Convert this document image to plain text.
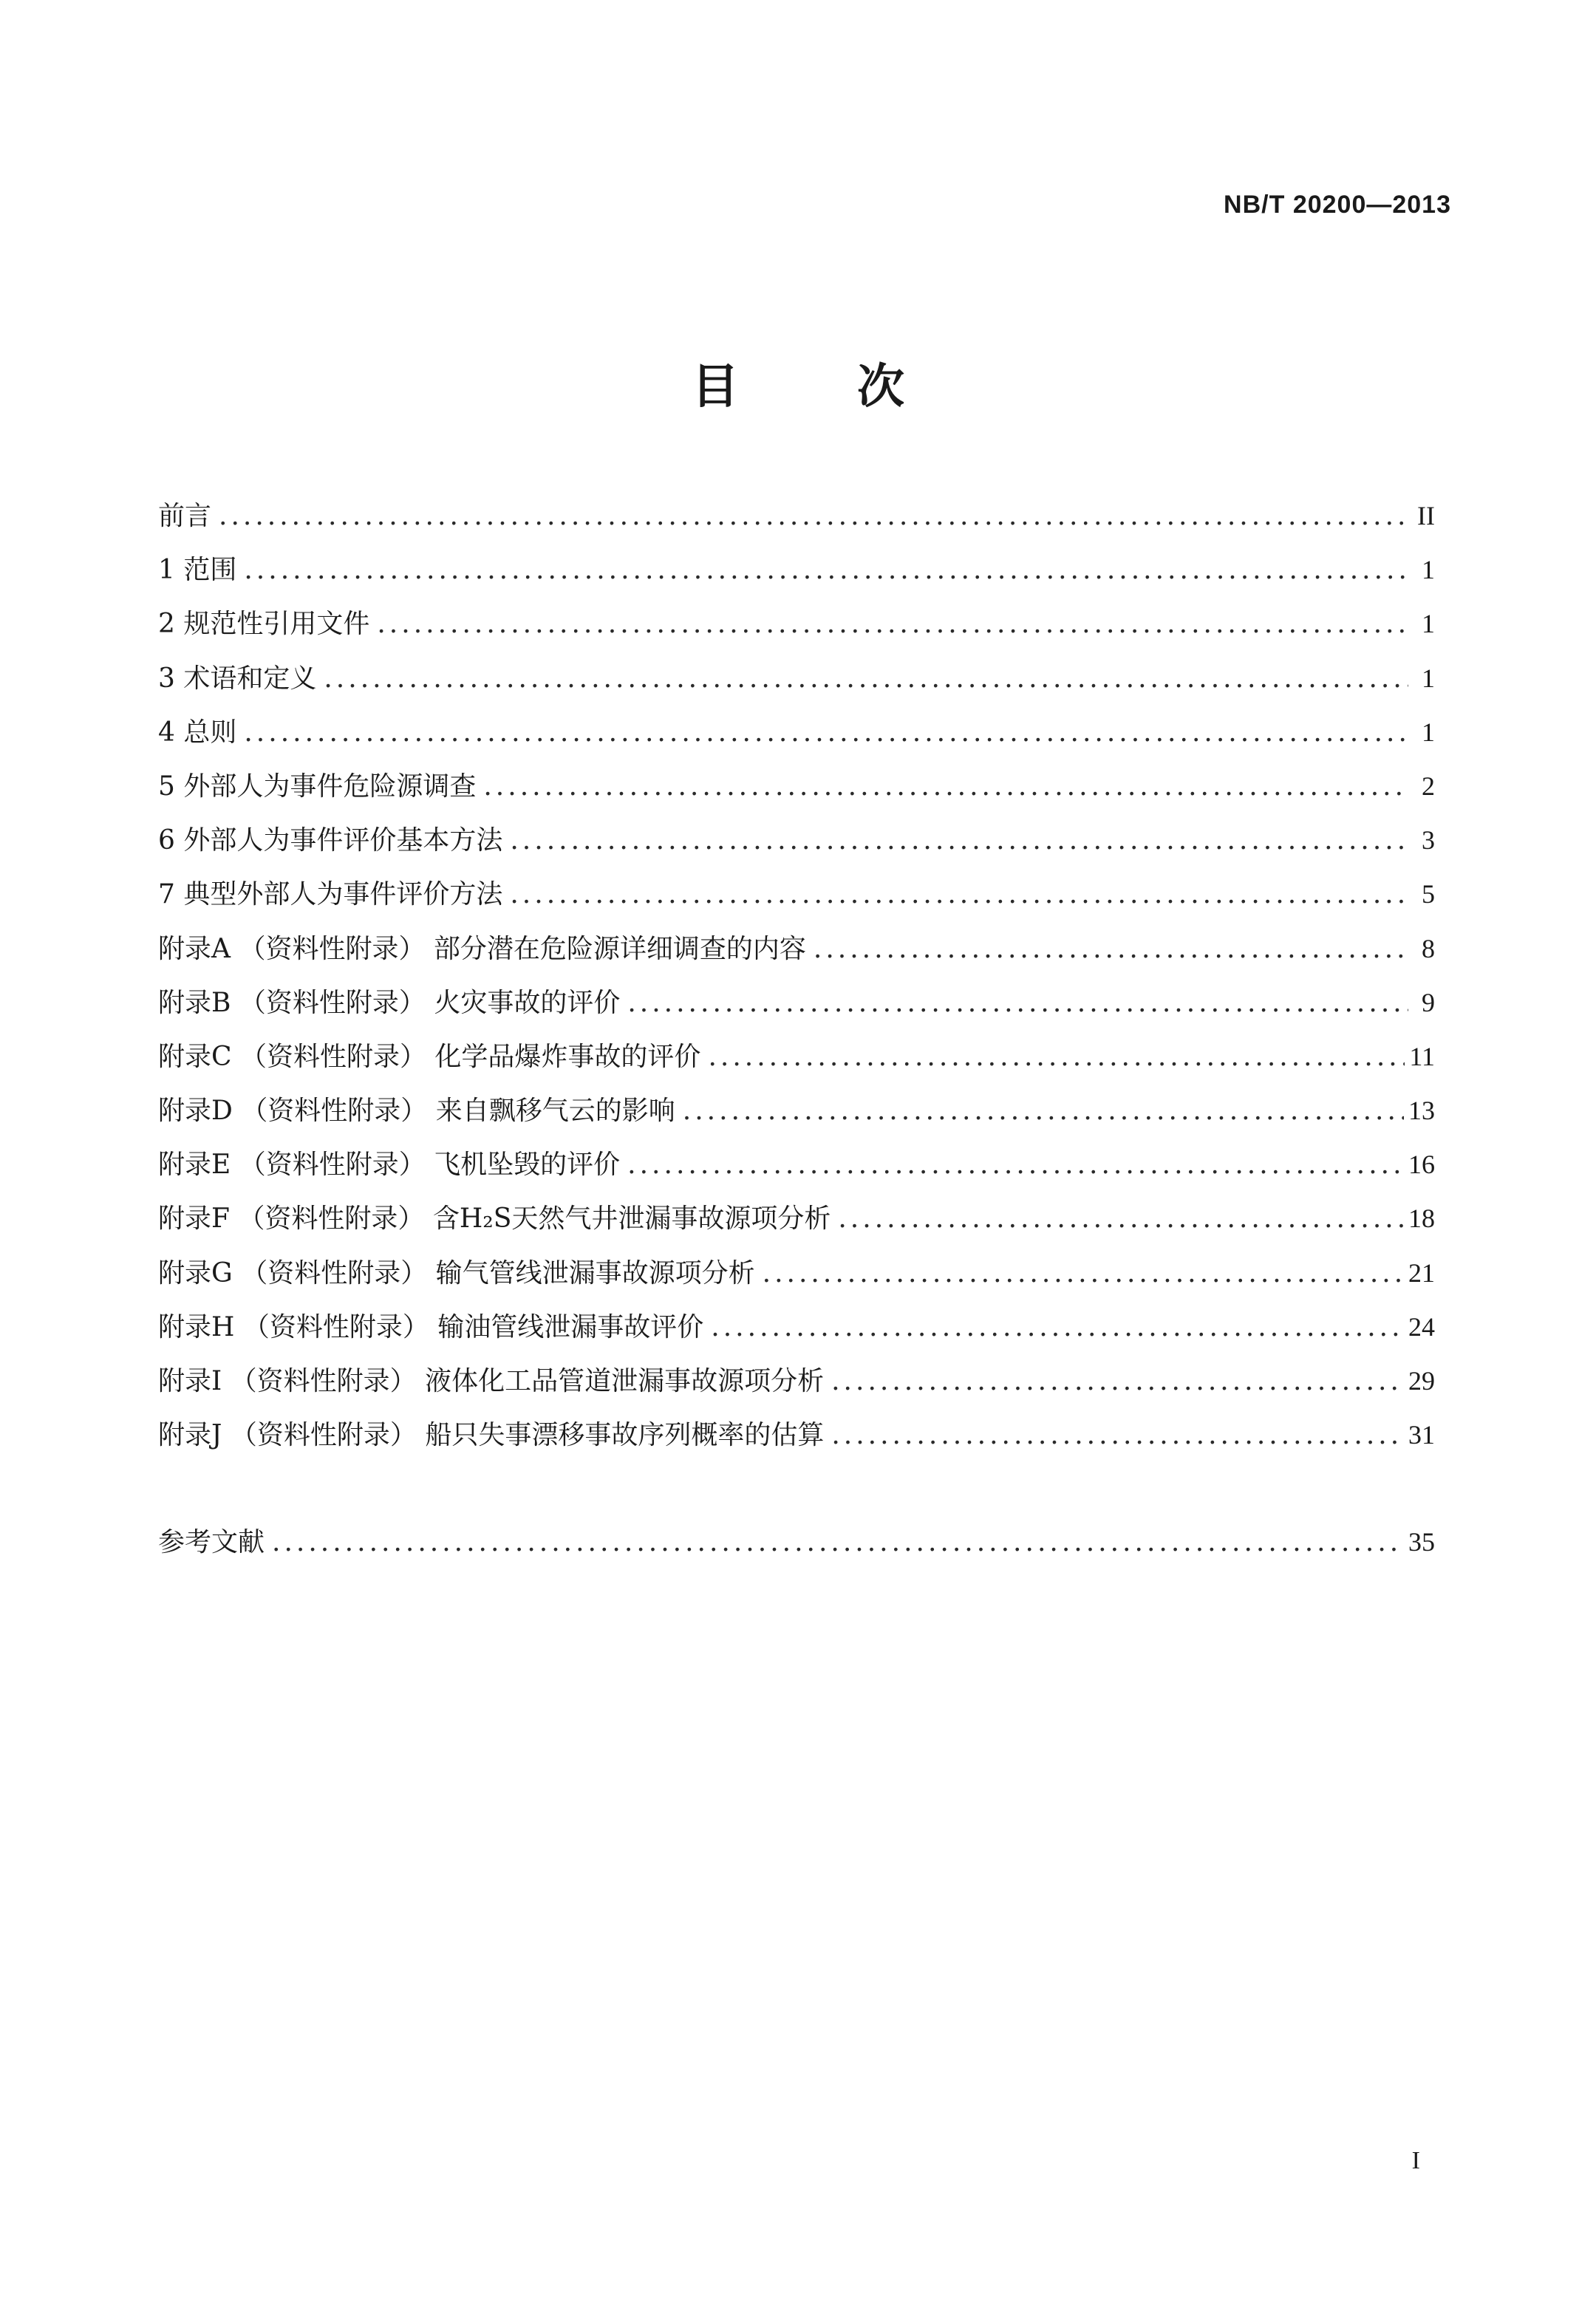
NB/T 20200—2013
目	次
前言 .....	II
1 范围 .....	1
2 规范性引用文件 .....	1
3 术语和定义 .....	1
4 总则 .....	1
5 外部人为事件危险源调查 .....	2
6 外部人为事件评价基本方法 .....	3
7 典型外部人为事件评价方法 .....	5
附录A （资料性附录） 部分潜在危险源详细调查的内容 .....	8
附录B （资料性附录） 火灾事故的评价 .....	9
附录C （资料性附录） 化学品爆炸事故的评价 .....	11
附录D （资料性附录） 来自飘移气云的影响 .....	13
附录E （资料性附录） 飞机坠毁的评价 .....	16
附录F （资料性附录） 含H₂S天然气井泄漏事故源项分析 .....	18
附录G （资料性附录） 输气管线泄漏事故源项分析 .....	21
附录H （资料性附录） 输油管线泄漏事故评价 .....	24
附录I （资料性附录） 液体化工品管道泄漏事故源项分析 .....	29
附录J （资料性附录） 船只失事漂移事故序列概率的估算 .....	31
参考文献 .....	35
I
